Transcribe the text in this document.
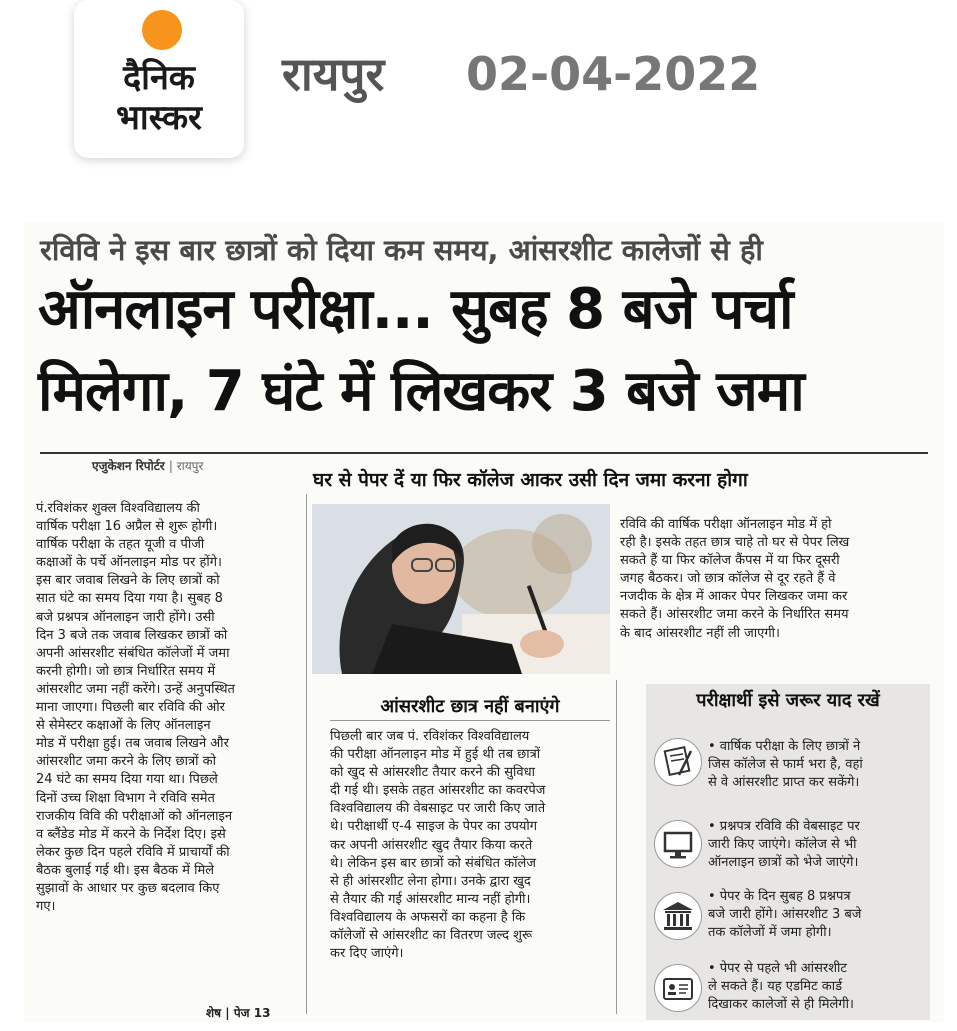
दैनिक
भास्कर
रायपुर 02-04-2022
रविवि ने इस बार छात्रों को दिया कम समय, आंसरशीट कालेजों से ही
ऑनलाइन परीक्षा... सुबह 8 बजे पर्चा
मिलेगा, 7 घंटे में लिखकर 3 बजे जमा
एजुकेशन रिपोर्टर | रायपुर
घर से पेपर दें या फिर कॉलेज आकर उसी दिन जमा करना होगा
पं.रविशंकर शुक्ल विश्वविद्यालय की
वार्षिक परीक्षा 16 अप्रैल से शुरू होगी।
वार्षिक परीक्षा के तहत यूजी व पीजी
कक्षाओं के पर्चे ऑनलाइन मोड पर होंगे।
इस बार जवाब लिखने के लिए छात्रों को
सात घंटे का समय दिया गया है। सुबह 8
बजे प्रश्नपत्र ऑनलाइन जारी होंगे। उसी
दिन 3 बजे तक जवाब लिखकर छात्रों को
अपनी आंसरशीट संबंधित कॉलेजों में जमा
करनी होगी। जो छात्र निर्धारित समय में
आंसरशीट जमा नहीं करेंगे। उन्हें अनुपस्थित
माना जाएगा। पिछली बार रविवि की ओर
से सेमेस्टर कक्षाओं के लिए ऑनलाइन
मोड में परीक्षा हुई। तब जवाब लिखने और
आंसरशीट जमा करने के लिए छात्रों को
24 घंटे का समय दिया गया था। पिछले
दिनों उच्च शिक्षा विभाग ने रविवि समेत
राजकीय विवि की परीक्षाओं को ऑनलाइन
व ब्लैंडेड मोड में करने के निर्देश दिए। इसे
लेकर कुछ दिन पहले रविवि में प्राचार्यों की
बैठक बुलाई गई थी। इस बैठक में मिले
सुझावों के आधार पर कुछ बदलाव किए
गए।
शेष | पेज 13
रविवि की वार्षिक परीक्षा ऑनलाइन मोड में हो
रही है। इसके तहत छात्र चाहे तो घर से पेपर लिख
सकते हैं या फिर कॉलेज कैंपस में या फिर दूसरी
जगह बैठकर। जो छात्र कॉलेज से दूर रहते हैं वे
नजदीक के क्षेत्र में आकर पेपर लिखकर जमा कर
सकते हैं। आंसरशीट जमा करने के निर्धारित समय
के बाद आंसरशीट नहीं ली जाएगी।
आंसरशीट छात्र नहीं बनाएंगे
पिछली बार जब पं. रविशंकर विश्वविद्यालय
की परीक्षा ऑनलाइन मोड में हुई थी तब छात्रों
को खुद से आंसरशीट तैयार करने की सुविधा
दी गई थी। इसके तहत आंसरशीट का कवरपेज
विश्वविद्यालय की वेबसाइट पर जारी किए जाते
थे। परीक्षार्थी ए-4 साइज के पेपर का उपयोग
कर अपनी आंसरशीट खुद तैयार किया करते
थे। लेकिन इस बार छात्रों को संबंधित कॉलेज
से ही आंसरशीट लेना होगा। उनके द्वारा खुद
से तैयार की गई आंसरशीट मान्य नहीं होगी।
विश्वविद्यालय के अफसरों का कहना है कि
कॉलेजों से आंसरशीट का वितरण जल्द शुरू
कर दिए जाएंगे।
परीक्षार्थी इसे जरूर याद रखें
• वार्षिक परीक्षा के लिए छात्रों ने
जिस कॉलेज से फार्म भरा है, वहां
से वे आंसरशीट प्राप्त कर सकेंगे।
• प्रश्नपत्र रविवि की वेबसाइट पर
जारी किए जाएंगे। कॉलेज से भी
ऑनलाइन छात्रों को भेजे जाएंगे।
• पेपर के दिन सुबह 8 प्रश्नपत्र
बजे जारी होंगे। आंसरशीट 3 बजे
तक कॉलेजों में जमा होगी।
• पेपर से पहले भी आंसरशीट
ले सकते हैं। यह एडमिट कार्ड
दिखाकर कालेजों से ही मिलेगी।
